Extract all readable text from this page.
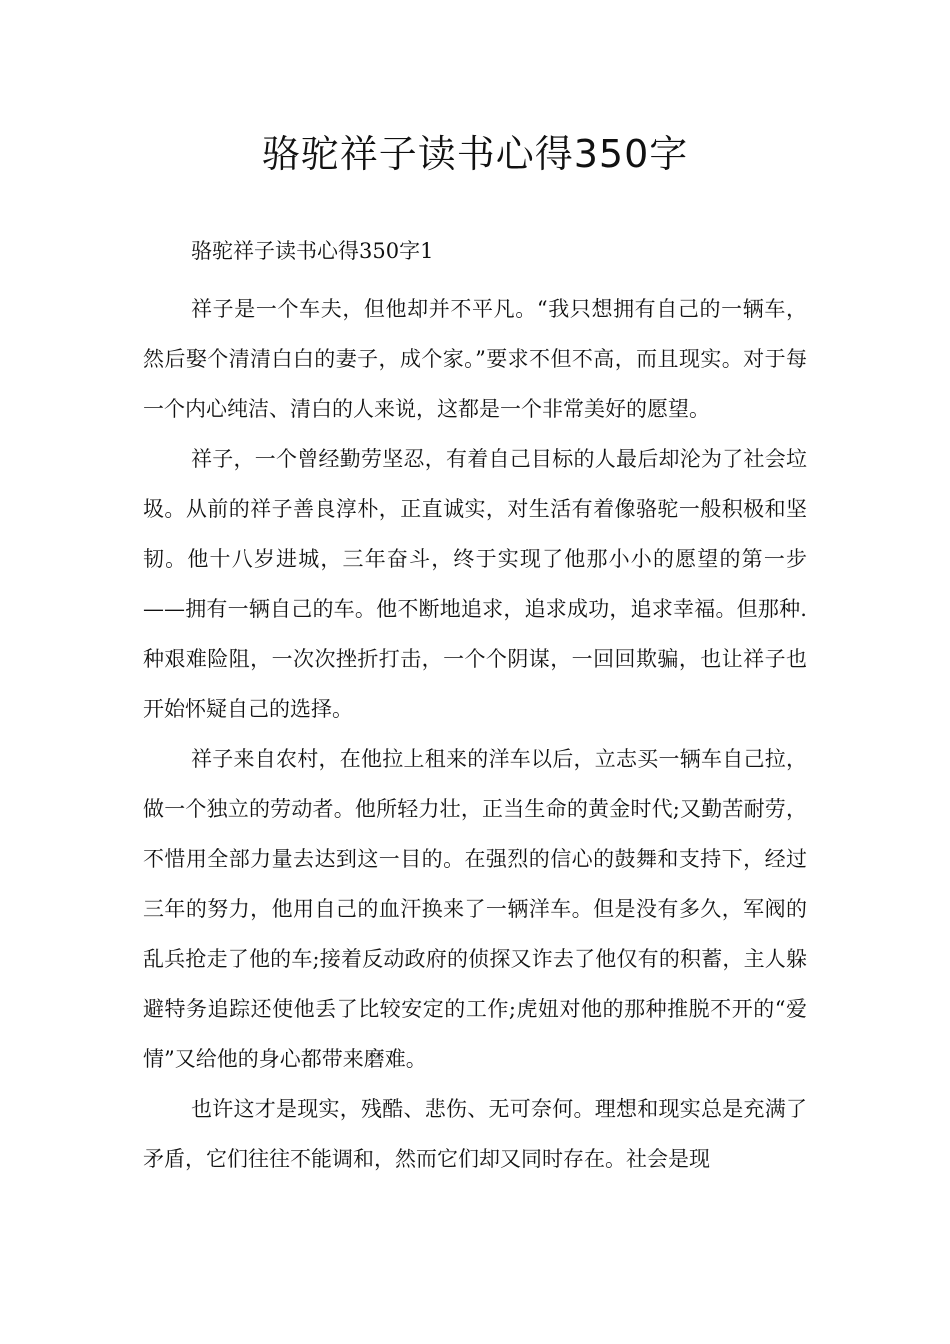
骆驼祥子读书心得350字

骆驼祥子读书心得350字1

祥子是一个车夫，但他却并不平凡。“我只想拥有自己的一辆车，然后娶个清清白白的妻子，成个家。”要求不但不高，而且现实。对于每一个内心纯洁、清白的人来说，这都是一个非常美好的愿望。

祥子，一个曾经勤劳坚忍，有着自己目标的人最后却沦为了社会垃圾。从前的祥子善良淳朴，正直诚实，对生活有着像骆驼一般积极和坚韧。他十八岁进城，三年奋斗，终于实现了他那小小的愿望的第一步——拥有一辆自己的车。他不断地追求，追求成功，追求幸福。但那种.种艰难险阻，一次次挫折打击，一个个阴谋，一回回欺骗，也让祥子也开始怀疑自己的选择。

祥子来自农村，在他拉上租来的洋车以后，立志买一辆车自己拉，做一个独立的劳动者。他所轻力壮，正当生命的黄金时代;又勤苦耐劳，不惜用全部力量去达到这一目的。在强烈的信心的鼓舞和支持下，经过三年的努力，他用自己的血汗换来了一辆洋车。但是没有多久，军阀的乱兵抢走了他的车;接着反动政府的侦探又诈去了他仅有的积蓄，主人躲避特务追踪还使他丢了比较安定的工作;虎妞对他的那种推脱不开的“爱情”又给他的身心都带来磨难。

也许这才是现实，残酷、悲伤、无可奈何。理想和现实总是充满了矛盾，它们往往不能调和，然而它们却又同时存在。社会是现
